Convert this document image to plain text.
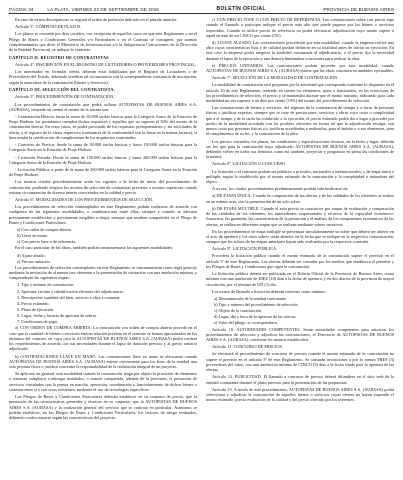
PÁGINA 34	LA PLATA, VIERNES 23 DE SEPTIEMBRE DE 2016	BOLETÍN OFICIAL	PROVINCIA DE BUENOS AIRES

En caso de existir discrepancias se seguirá el orden de prelación indicado en el párrafo anterior.

Artículo 3º. CÓMPUTO DE PLAZOS.

Los plazos se contarán por días corridos, con excepción de aquellos casos en que este Reglamento o en el Pliego de Bases y Condiciones Generales y/o Particulares o en el Contrato se consignen, por normas complementarias que dicte el Ministerio de Infraestructura y/o la Subgerencia Concurrentes de la Dirección de la Entidad Provincial, se indique lo contrario.

CAPÍTULO II. REGISTRO DE CONTRATISTAS

Artículo 4º. INSCRIPCIÓN EN EL REGISTRO DE LICITADORES O PROVEEDORES PROVINCIAL.

Los interesados en formular oferta, deberán estar habilitados por el Registro de Licitadores o de Proveedores del Estado, debiendo acreditar tal circunstancia con la correspondiente constancia de inscripción, según la naturaleza de la contratación (bienes y Servicios).

CAPÍTULO III. SELECCIÓN DEL CONTRATISTA.

Artículo 5º. PROCEDIMIENTOS DE CONTRATACIÓN.

Los procedimientos de contratación que podrá utilizar AUTOPISTAS DE BUENOS AIRES S.A. (AUBASA), teniendo en cuenta el monto de la misma son:

- Contratación Directa: hasta la suma de 30.000 tarifas básicas para la Categoría Autos de la Estación de Peaje Hudson; los postulantes cumplen dichos requisitos y aquellos que no superen el 50% del monto de la contratación directa. En estos casos, se podrá prescindir de los requisitos presupuestarios y las solicitudes de oferta, y el registro de la oferta respectiva (constancia de la conformidad con la firma en la misma factura), si bien tendrá la certificación de cumplimiento de los arquitectos contratados.

- Concurso de Precios: desde la suma de 30.000 tarifas básicas y hasta 150.000 tarifas básicas para la Categoría Autos en la Estación de Peaje Hudson.

- Licitación Privada: Desde la suma de 150.000 tarifas básicas y hasta 260.000 tarifas básicas para la Categoría Autos de la Estación de Peaje Hudson.

- Licitación Pública: a partir de la suma de 260.000 tarifas básicas para la Categoría Autos en la Estación de Peaje Hudson.

Los montos citados precedentemente serán los vigentes a la fecha de inicio del procedimiento de contratación, pudiendo elegirse los montos de selección de contratistas previstos o montos superiores cuando existan circunstancias de diverso interés concretados en la calidad y precio.

Artículo 6º. MODALIDADES DE LOS PROCEDIMIENTOS DE SELECCIÓN.

Los procedimientos de selección contemplados en este Reglamento podrán realizarse de acuerdo con cualquiera de las siguientes modalidades, o combinaciones entre ellas, siempre y cuando se adecuen previamente establecidas y previamente exigibles a elegir, siempre que resulten compatibles en el Pliego de Bases y Condiciones Particulares:

a) Con orden de compra abierta.

b) Llave en mano.

c) Con precio base o de referencia.

En el caso particular de las obras, también podrán instrumentarse las siguientes modalidades:

d) Ajuste alzado.

e) Precios unitarios.

Los procedimientos de selección contemplados en este Reglamento se instrumentarán como regla general, mediante la invitación de al menos tres oferentes a la presentación de cotización con una antelación mínima, y comprenderán las siguientes etapas:

1. Tipo y número de contratación.

2. Apertura: recinto y identificación eficiente del adjudicatario.

3. Descripción: cantidad del bien, servicio u obra a contratar.

4. Precio estimado.

5. Plazo de ejecución.

6. Lugar, fecha y horario de apertura de sobres.

7. Condiciones de pago.

a) CON ORDEN DE COMPRA ABIERTA. La contratación con orden de compra abierta procede en el caso que la cantidad de bienes o servicios está en relación prevista en el contrato se hemos aproximados en los términos del contrato, en cuyo caso la AUTOPISTAS DE BUENOS AIRES S.A. (AUBASA) podrá realizar los requerimientos de acuerdo con sus necesidades durante el lapso de duración previsto y al precio unitario adjudicado.

b) CONTRATACIONES LLAVE EN MANO. Las contrataciones llave en mano se efectuarán cuando AUTOPISTAS DE BUENOS AIRES S.A. (AUBASA) estime conveniente para los fines de la entidad una sola persona física o jurídica concentre la responsabilidad de la realización integral de un proyecto.

Se aplicará, en general, esta modalidad cuando la contratación tenga por objeto la provisión de elementos o sistemas complejos a entregar instalados, o cuando comprenda, además de la provisión, la prestación de servicios vinculados con la puesta en marcha, operación, coordinación o funcionamiento de dichos bienes o sistemas entre sí o con otros existentes, mediante el uso de tecnologías específicas.

Los Pliegos de Bases y Condiciones Particulares deberán establecer en su conjunto de precio, que la prestación de las características generales y técnicas en su conjunto, que la AUTOPISTAS DE BUENOS AIRES S.A. (AUBASA) y la realización general del servicio que se contrata en particular. Asimismo se podrán establecer, en los Pliegos de Bases y Condiciones Particulares, los factores de riesgo evaluados, debiendo confeccionarse según las características del proyecto.

c) CON PRECIO TOPE O CON PRECIO DE REFERENCIA. Las contrataciones sobre con precio tope cuando el llamado a participar indique el precio más alto que puede pagarse por los bienes o servicios requeridos. Cuando se utilice precio de referencia no podrá efectuarse adjudicación cuyo monto supere a aquél en más de un CINCO por ciento (5%).

d) AJUSTE ALZADO. Las contrataciones procederán por esta modalidad, cuando la empresa realice una obra cuyas características fijas y de calidad puedan definirse en su totalidad antes de iniciar su ejecución. En este caso la empresa podrá asegurar la totalidad consumada al adjudicatario, o al precio fijo la necesidad durante el lapso de la ejecución y una demora limitándose a necesaria para realizar la obra.

e) PRECIOS UNITARIOS. Las contrataciones podrán proceder por esta modalidad, cuando AUTOPISTAS DE BUENOS AIRES S.A. (AUBASA) estime que las obras consisten en unidades ejecutables.

Artículo 7º. SELECCIÓN DE LA MODALIDAD DE CONTRATACIÓN.

La modalidad de contratación será propuesta por la autoridad que corresponda conforme lo dispuesto en el artículo 10 de este Reglamento, teniendo en cuenta los elementos, aptos o funcionales, en las estructuras de los procedimientos de selección, el precio y se mantendrá durante que el monto máximo, indicando para cada modalidad no sea superior a un diez por ciento (10%) del monto del procedimiento de selección.

Las contrataciones de bienes y servicios, del régimen de la contratación de tiempo y a favor de personas físicas o jurídicas expertas, siempre que se trate de prestaciones, servicios y obras cuyo costo o complejidad que a el tiempo y de la tarifa ha conducido a la ejecución, el precio estimado podrá dar a lugar a proceder por medio de la modalidad acordada con los posibles oferentes en forma tal que la adjudicación recaiga, con menor costo por personas físicas y/o jurídicas acreditadas a realizarlos, para el ámbito o a sus elementos, para el cumplimiento de su fin, y la contratación de la obra.

Los precios cotizados, los plazos, las condiciones y especificaciones técnicas, en la fecha y lugar, deberán ser los que para la contratación haya adjudicado AUTOPISTAS DE BUENOS AIRES S.A. (AUBASA), debiendo volver en todos sus términos como así también, proyectar y programar en pleno las condiciones de la misma.

Artículo 8º. LICITACIÓN O CONCURSO.

La licitación o el concurso podrán ser públicos o privados, nacionales o internacionales, y de etapa única o múltiple, según lo establecido por el monto estimado de la contratación y la complejidad o naturaleza del objeto.

A su vez, los citados procedimientos preliminarmente podrán subclasificarse en:

a) DE ETAPA ÚNICA. Cuando la comparación de las ofertas y de las calidades de los oferentes se realiza en un mismo acto, con la presentación de un solo sobre.

b) DE ETAPA MÚLTIPLE. Cuando el acto previo se caracterice por etapas de evaluación y comparación de las calidades de los oferentes, los antecedentes empresariales y técnicos de la capacidad económico-financiera, las garantías, las características de la prestación y el análisis de los componentes económicos de las ofertas, se realiza en diferentes etapas que se realizan mediante sobres sucesivos.

En los procedimientos de etapa múltiple se presentará simultáneamente un sobre que deberá ser abierto en el acto de apertura y los otros sobres serán abiertos en la fecha que se indique en la respectiva comunicación, siempre que los sobres de las etapas anteriores hayan sido evaluados por la respectiva comisión.

Artículo 9º. LICITACIÓN PÚBLICA.

Procederá la licitación pública cuando el monto estimado de la contratación supere el previsto en el artículo 5º de este Reglamento. Las ofertas deberán ser cursadas por los medios que establezca el presente y los Pliegos de Bases y Condiciones que rigen la contratación.

La licitación pública deberá ser publicada en el Boletín Oficial de la Provincia de Buenos Aires, como mínimo con una antelación de DIEZ (10) días a la fecha de apertura, y en dos diarios de la provincia de mayor circulación, por el término de UN (1) día.

Los avisos de llamado a licitación deberán contener como mínimo:

a) Denominación de la entidad contratante.

b) Tipo y número del procedimiento de selección.

c) Objeto de la contratación.

d) Lugar, día y hora de la apertura de las ofertas.

e) Valor del pliego, si correspondiera.

Artículo 10. AUTORIDADES COMPETENTES. Serán autoridades competentes para autorizar los procedimientos de selección y adjudicar las contrataciones, el Directorio de AUTOPISTAS DE BUENOS AIRES S.A. (AUBASA), conforme los montos establecidos.

Artículo 11. CONCURSO DE PRECIOS.

Se efectuará el procedimiento de concurso de precios cuando el monto estimado de la contratación no supere el previsto en el artículo 5º de este Reglamento. Se cursarán invitaciones a por lo menos TRES (3) proveedores del ramo, con una antelación mínima de CINCO (5) días a la fecha fijada para la apertura de las ofertas.

Artículo 12. PUBLICIDAD. El llamado a concurso de precios deberá difundirse en el sitio web de la entidad contratante durante el plazo previsto para la presentación de las propuestas.

Artículo 13. A través de este procedimiento, AUTOPISTAS DE BUENOS AIRES S.A. (AUBASA) podrá seleccionar y adjudicar la contratación de aquellos bienes o servicios cuyas ofertas no hayan superado el monto estimado, previa evaluación de la calidad y del precio ofrecido por los oferentes.
